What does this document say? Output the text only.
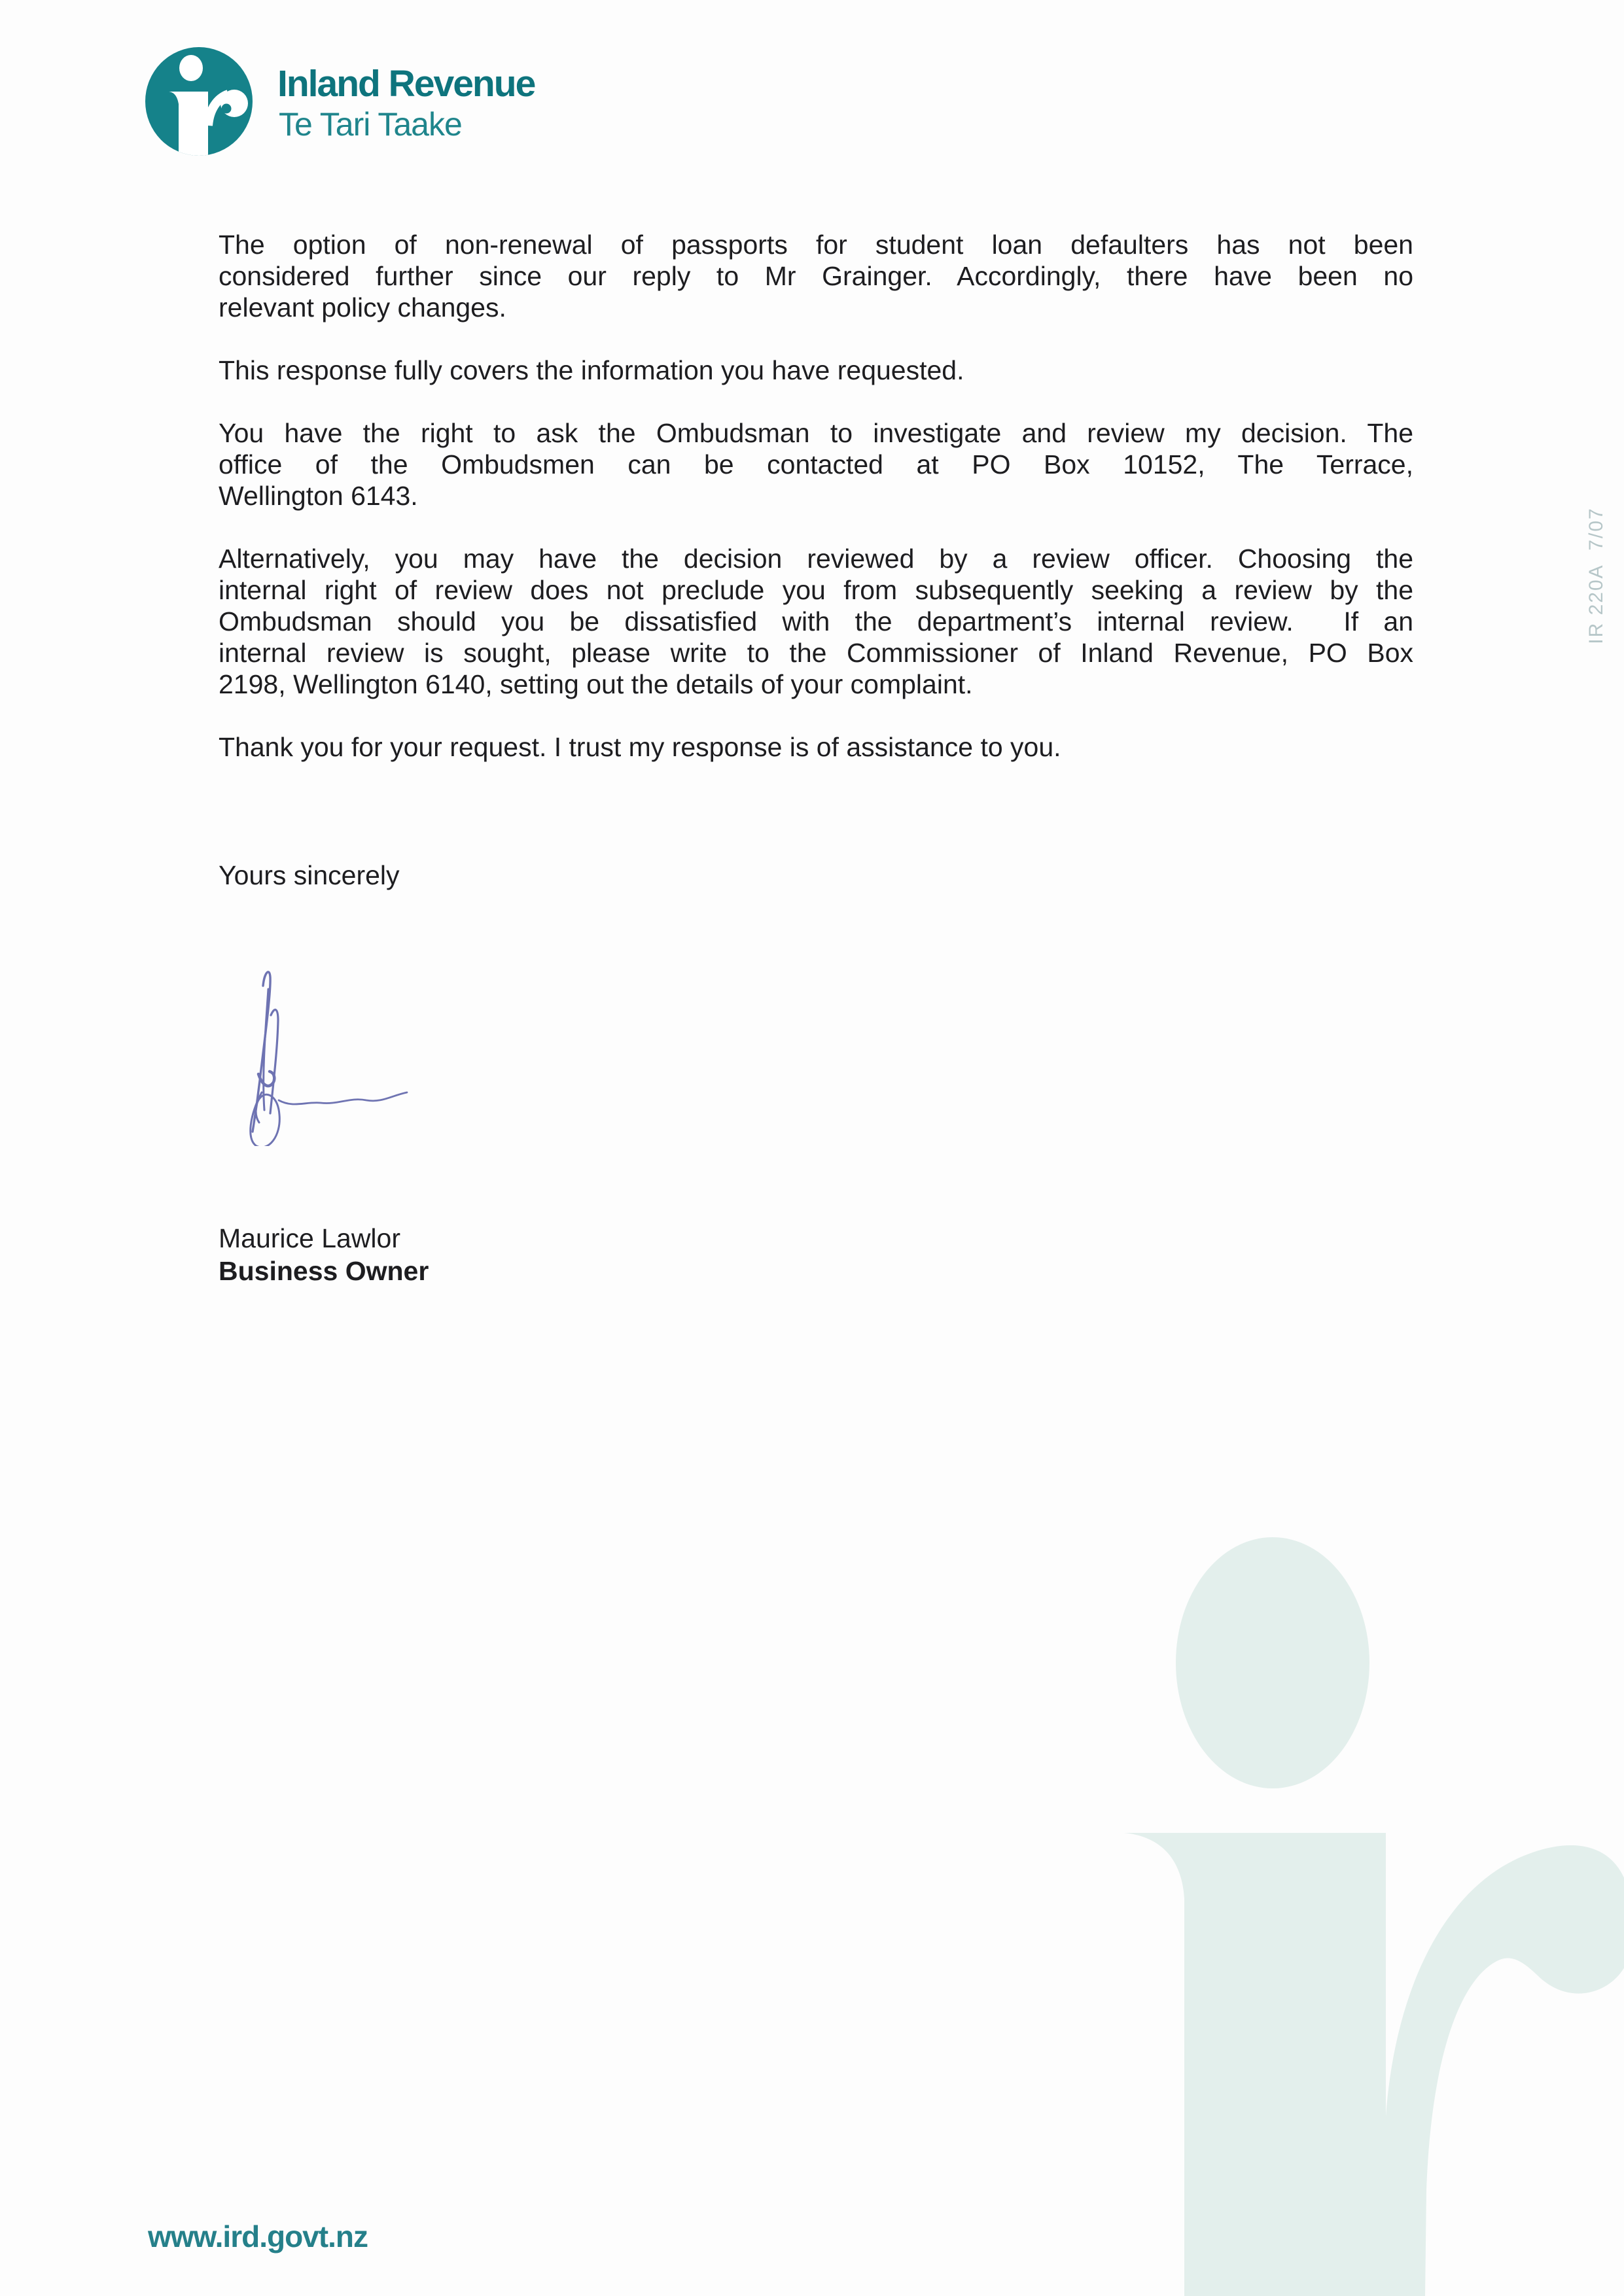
Inland Revenue
Te Tari Taake
The option of non-renewal of passports for student loan defaulters has not been
considered further since our reply to Mr Grainger. Accordingly, there have been no
relevant policy changes.
This response fully covers the information you have requested.
You have the right to ask the Ombudsman to investigate and review my decision. The
office of the Ombudsmen can be contacted at PO Box 10152, The Terrace,
Wellington 6143.
Alternatively, you may have the decision reviewed by a review officer. Choosing the
internal right of review does not preclude you from subsequently seeking a review by the
Ombudsman should you be dissatisfied with the department’s internal review.  If an
internal review is sought, please write to the Commissioner of Inland Revenue, PO Box
2198, Wellington 6140, setting out the details of your complaint.
Thank you for your request. I trust my response is of assistance to you.
Yours sincerely
Maurice Lawlor
Business Owner
IR 220A  7/07
www.ird.govt.nz
